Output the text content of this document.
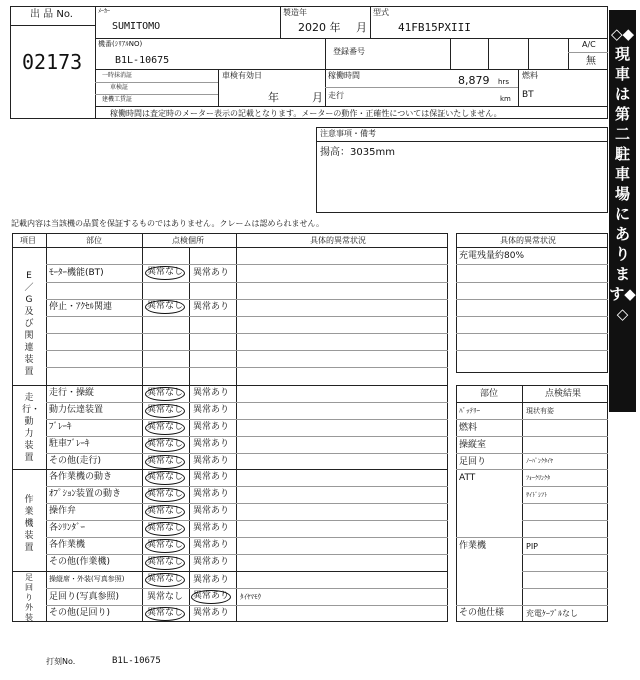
出 品 No.
02173
ﾒｰｶｰ
SUMITOMO
製造年
2020 年 月
型式
41FB15PXIII
機番(ｼﾘｱﾙNO)
B1L-10675
登録番号
A/C
無
一時抹消証
車検証
建機工賃証
車検有効日
年	月
稼働時間	8,879 hrs
走行	km
燃料
BT
稼働時間は査定時のメーター表示の記載となります。メーターの動作・正確性については保証いたしません。
注意事項・備考
揚高：3035mm
記載内容は当該機の品質を保証するものではありません。クレームは認められません。
項目	部位	点検個所	具体的異常状況
E／G及び関連装置
走行・動力装置
作業機装置
足回り外装
ﾓｰﾀｰ機能(BT)	異常なし 異常あり
停止・ｱｸｾﾙ関連	異常なし 異常あり
走行・操縦	異常なし 異常あり
動力伝達装置	異常なし 異常あり
ﾌﾞﾚｰｷ	異常なし 異常あり
駐車ﾌﾞﾚｰｷ	異常なし 異常あり
その他(走行)	異常なし 異常あり
各作業機の動き	異常なし 異常あり
ｵﾌﾟｼｮﾝ装置の動き	異常なし 異常あり
操作弁	異常なし 異常あり
各ｼﾘﾝﾀﾞｰ	異常なし 異常あり
各作業機	異常なし 異常あり
その他(作業機)	異常なし 異常あり
操縦席・外装(写真参照)	異常なし 異常あり
足回り(写真参照)	異常なし 異常あり ﾀｲﾔﾏﾓｳ
その他(足回り)	異常なし 異常あり
具体的異常状況
充電残量約80%
部位	点検結果
ﾊﾞｯﾃﾘｰ	現状有姿
燃料
操縦室
足回り	ﾉｰﾊﾟﾝｸﾀｲﾔ
ATT	ﾌｫｰｸﾘﾝｸﾀ
ｻｲﾄﾞｼﾌﾄ
作業機	PIP
その他仕様	充電ｹｰﾌﾞﾙなし
打刻No.	B1L-10675
◇◆現車は第二駐車場にあります◆◇
